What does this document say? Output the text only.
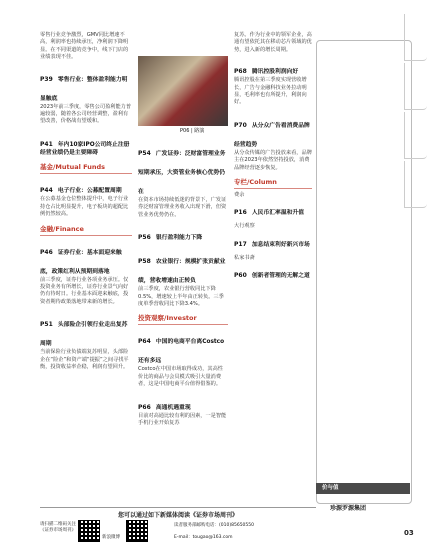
零售行业竞争激烈，GMV同比增速不高，利润率也持续承压，净利润下降明显。在不同渠道的竞争中，线下门店的业绩表现不佳。
P39 零售行业：整体盈利能力明显触底
2023年前三季度，零售公司盈利能力普遍较弱，随着各公司经营调整，盈利有望改善，价格战有望缓和。
P41 年内10家IPO公司终止注册
经营业绩仍是主要障碍
基金/Mutual Funds
P44 电子行业：公募配置周期
在公募基金仓位整体提升中，电子行业持仓占比明显提升，电子板块的超配比例仍然较高。
金融/Finance
P46 证券行业：基本面迎来触底，政策红利从预期到落地
前三季度，证券行业各项业务承压。仅投资业务有所增长，证券行业景气向好仍有待时日。行业基本面迎来触底，投资者期待政策落地带来新的增长。
P51 头部险企引领行业走出复苏周期
当前保险行业负债端复苏明显，头部险企在“险企”和资产端“提振”之间寻找平衡，投资收益率企稳，利润有望回升。
P06 | 路演
P54 广发证券：泛财富管理业务短期承压，大资管业务核心优势仍在
在资本市场持续低迷的背景下，广发证券泛财富管理业务收入出现下滑，但资管业务优势仍在。
P56 银行盈利能力下降
P58 农业银行：规模扩张贡献业绩，营收增速由正转负
前三季度，农业银行营收同比下降0.5%，增速较上半年由正转负。三季度单季营收同比下降3.4%。
投资观察/Investor
P64 中国的电商平台离Costco还有多远
Costco在中国市场取得成功，其高性价比的商品与会员模式吸引大量消费者，这是中国电商平台值得借鉴的。
P66 高通机遇重现
目前对高通比较有利的因素，一是智能手机行业开始复苏
复苏。作为行业中的领军企业，高通有望依托其在移动芯片领域的优势，进入新的增长周期。
P68 腾讯控股利润向好
腾讯控股在第三季度实现营收增长，广告与金融科技业务拉动明显，毛利率也有所提升，利润向好。
P70 从分众广告看消费品牌经营趋势
从分众传媒的广告投放来看，品牌主在2023年依然坚持投放，消费品牌经营逐步恢复。
专栏/Column
费余
P16 人民币汇率温和升值
大行观察
P17 加息结束利好新兴市场
私家书斋
P60 创新者管理的无解之道
价与值
珍源罗源集团
您可以通过如下新媒体阅读《证券市场周刊》
请扫描二维码关注《证券市场周刊》
新浪微博
读者服务部邮购电话：(010)85650550
E-mail：tougao@163.com
03
